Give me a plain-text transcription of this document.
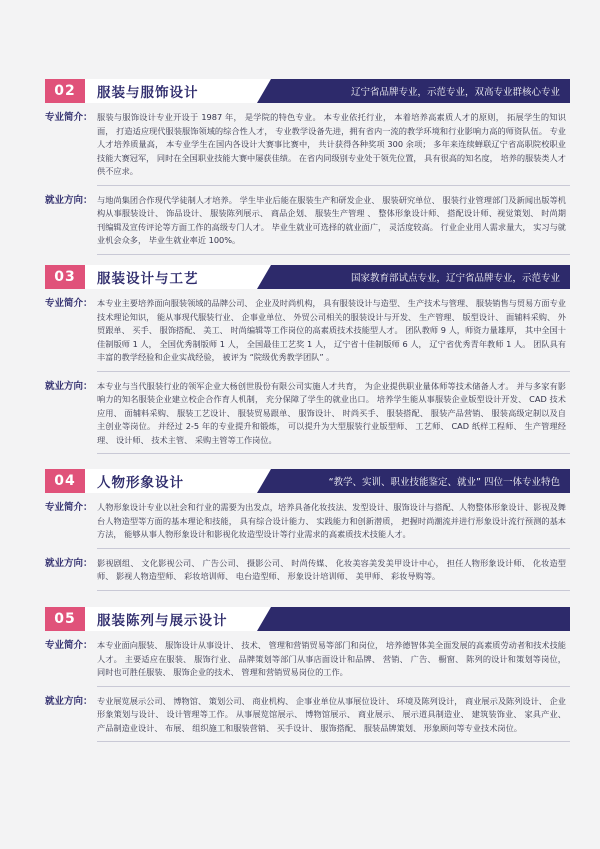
02	服装与服饰设计	辽宁省品牌专业，示范专业，双高专业群核心专业
专业简介： 服装与服饰设计专业开设于 1987 年， 是学院的特色专业。 本专业依托行业， 本着培养高素质人才的原则， 拓展学生的知识面， 打造适应现代服装服饰领域的综合性人才， 专业教学设备先进，拥有省内一流的教学环境和行业影响力高的师资队伍。 专业人才培养质量高， 本专业学生在国内各设计大赛事比赛中， 共计获得各种奖项 300 余项； 多年来连续蝉联辽宁省高职院校职业技能大赛冠军， 同时在全国职业技能大赛中屡获佳绩。 在省内同级别专业处于领先位置， 具有很高的知名度， 培养的服装类人才供不应求。
就业方向： 与地尚集团合作现代学徒制人才培养。 学生毕业后能在服装生产和研发企业、 服装研究单位、 服装行业管理部门及新闻出版等机构从事服装设计、 饰品设计、 服装陈列展示、 商品企划、 服装生产管理 、 整体形象设计师、 搭配设计师、视觉策划、 时尚期刊编辑及宣传评论等方面工作的高级专门人才。 毕业生就业可选择的就业面广， 灵活度较高。 行业企业用人需求量大， 实习与就业机会众多， 毕业生就业率近 100%。
03	服装设计与工艺	国家教育部试点专业，辽宁省品牌专业，示范专业
专业简介： 本专业主要培养面向服装领域的品牌公司、 企业及时尚机构， 具有服装设计与造型、 生产技术与管理、 服装销售与贸易方面专业技术理论知识， 能从事现代服装行业、 企事业单位、 外贸公司相关的服装设计与开发、 生产管理、 版型设计、 面辅料采购、 外贸跟单、 买手、 服饰搭配、 美工、 时尚编辑等工作岗位的高素质技术技能型人才。 团队教师 9 人，师资力量雄厚， 其中全国十佳制版师 1 人， 全国优秀制版师 1 人， 全国最佳工艺奖 1 人， 辽宁省十佳制版师 6 人， 辽宁省优秀青年教师 1 人。 团队具有丰富的教学经验和企业实战经验， 被评为 “院级优秀教学团队” 。
就业方向： 本专业与当代服装行业的领军企业大杨创世股份有限公司实施人才共育， 为企业提供职业量体师等技术储备人才。 并与多家有影响力的知名服装企业建立校企合作育人机制， 充分保障了学生的就业出口。 培养学生能从事服装企业版型设计开发、 CAD 技术应用、 面辅料采购、 服装工艺设计、 服装贸易跟单、 服饰设计、 时尚买手、 服装搭配、 服装产品营销、 服装高级定制以及自主创业等岗位。 并经过 2-5 年的专业提升和锻炼， 可以提升为大型服装行业版型师、 工艺师、 CAD 纸样工程师、 生产管理经理、 设计师、 技术主管、 采购主管等工作岗位。
04	人物形象设计	“教学、实训、职业技能鉴定、就业” 四位一体专业特色
专业简介： 人物形象设计专业以社会和行业的需要为出发点，培养具备化妆技法、发型设计、服饰设计与搭配、人物整体形象设计、影视及舞台人物造型等方面的基本理论和技能， 具有综合设计能力、 实践能力和创新潜质， 把握时尚潮流并进行形象设计流行预测的基本方法， 能够从事人物形象设计和影视化妆造型设计等行业需求的高素质技术技能人才。
就业方向： 影视剧组、 文化影视公司、 广告公司、 摄影公司、 时尚传媒、 化妆美容美发美甲设计中心， 担任人物形象设计师、 化妆造型师、 影视人物造型师、 彩妆培训师、 电台造型师、 形象设计培训师、 美甲师、 彩妆导购等。
05	服装陈列与展示设计
专业简介： 本专业面向服装、 服饰设计从事设计、 技术、 管理和营销贸易等部门和岗位， 培养德智体美全面发展的高素质劳动者和技术技能人才。 主要适应在服装、 服饰行业、 品牌策划等部门从事店面设计和品牌、 营销、 广告、 橱窗、 陈列的设计和策划等岗位， 同时也可胜任服装、 服饰企业的技术、 管理和营销贸易岗位的工作。
就业方向： 专业展览展示公司、 博物馆、 策划公司、 商业机构、 企事业单位从事展位设计、 环境及陈列设计， 商业展示及陈列设计、 企业形象策划与设计、 设计管理等工作。 从事展览馆展示、 博物馆展示、 商业展示、 展示道具制造业、 建筑装饰业、 家具产业、 产品制造业设计、 布展、 组织施工和服装营销、 买手设计、 服饰搭配、 服装品牌策划、 形象顾问等专业技术岗位。
